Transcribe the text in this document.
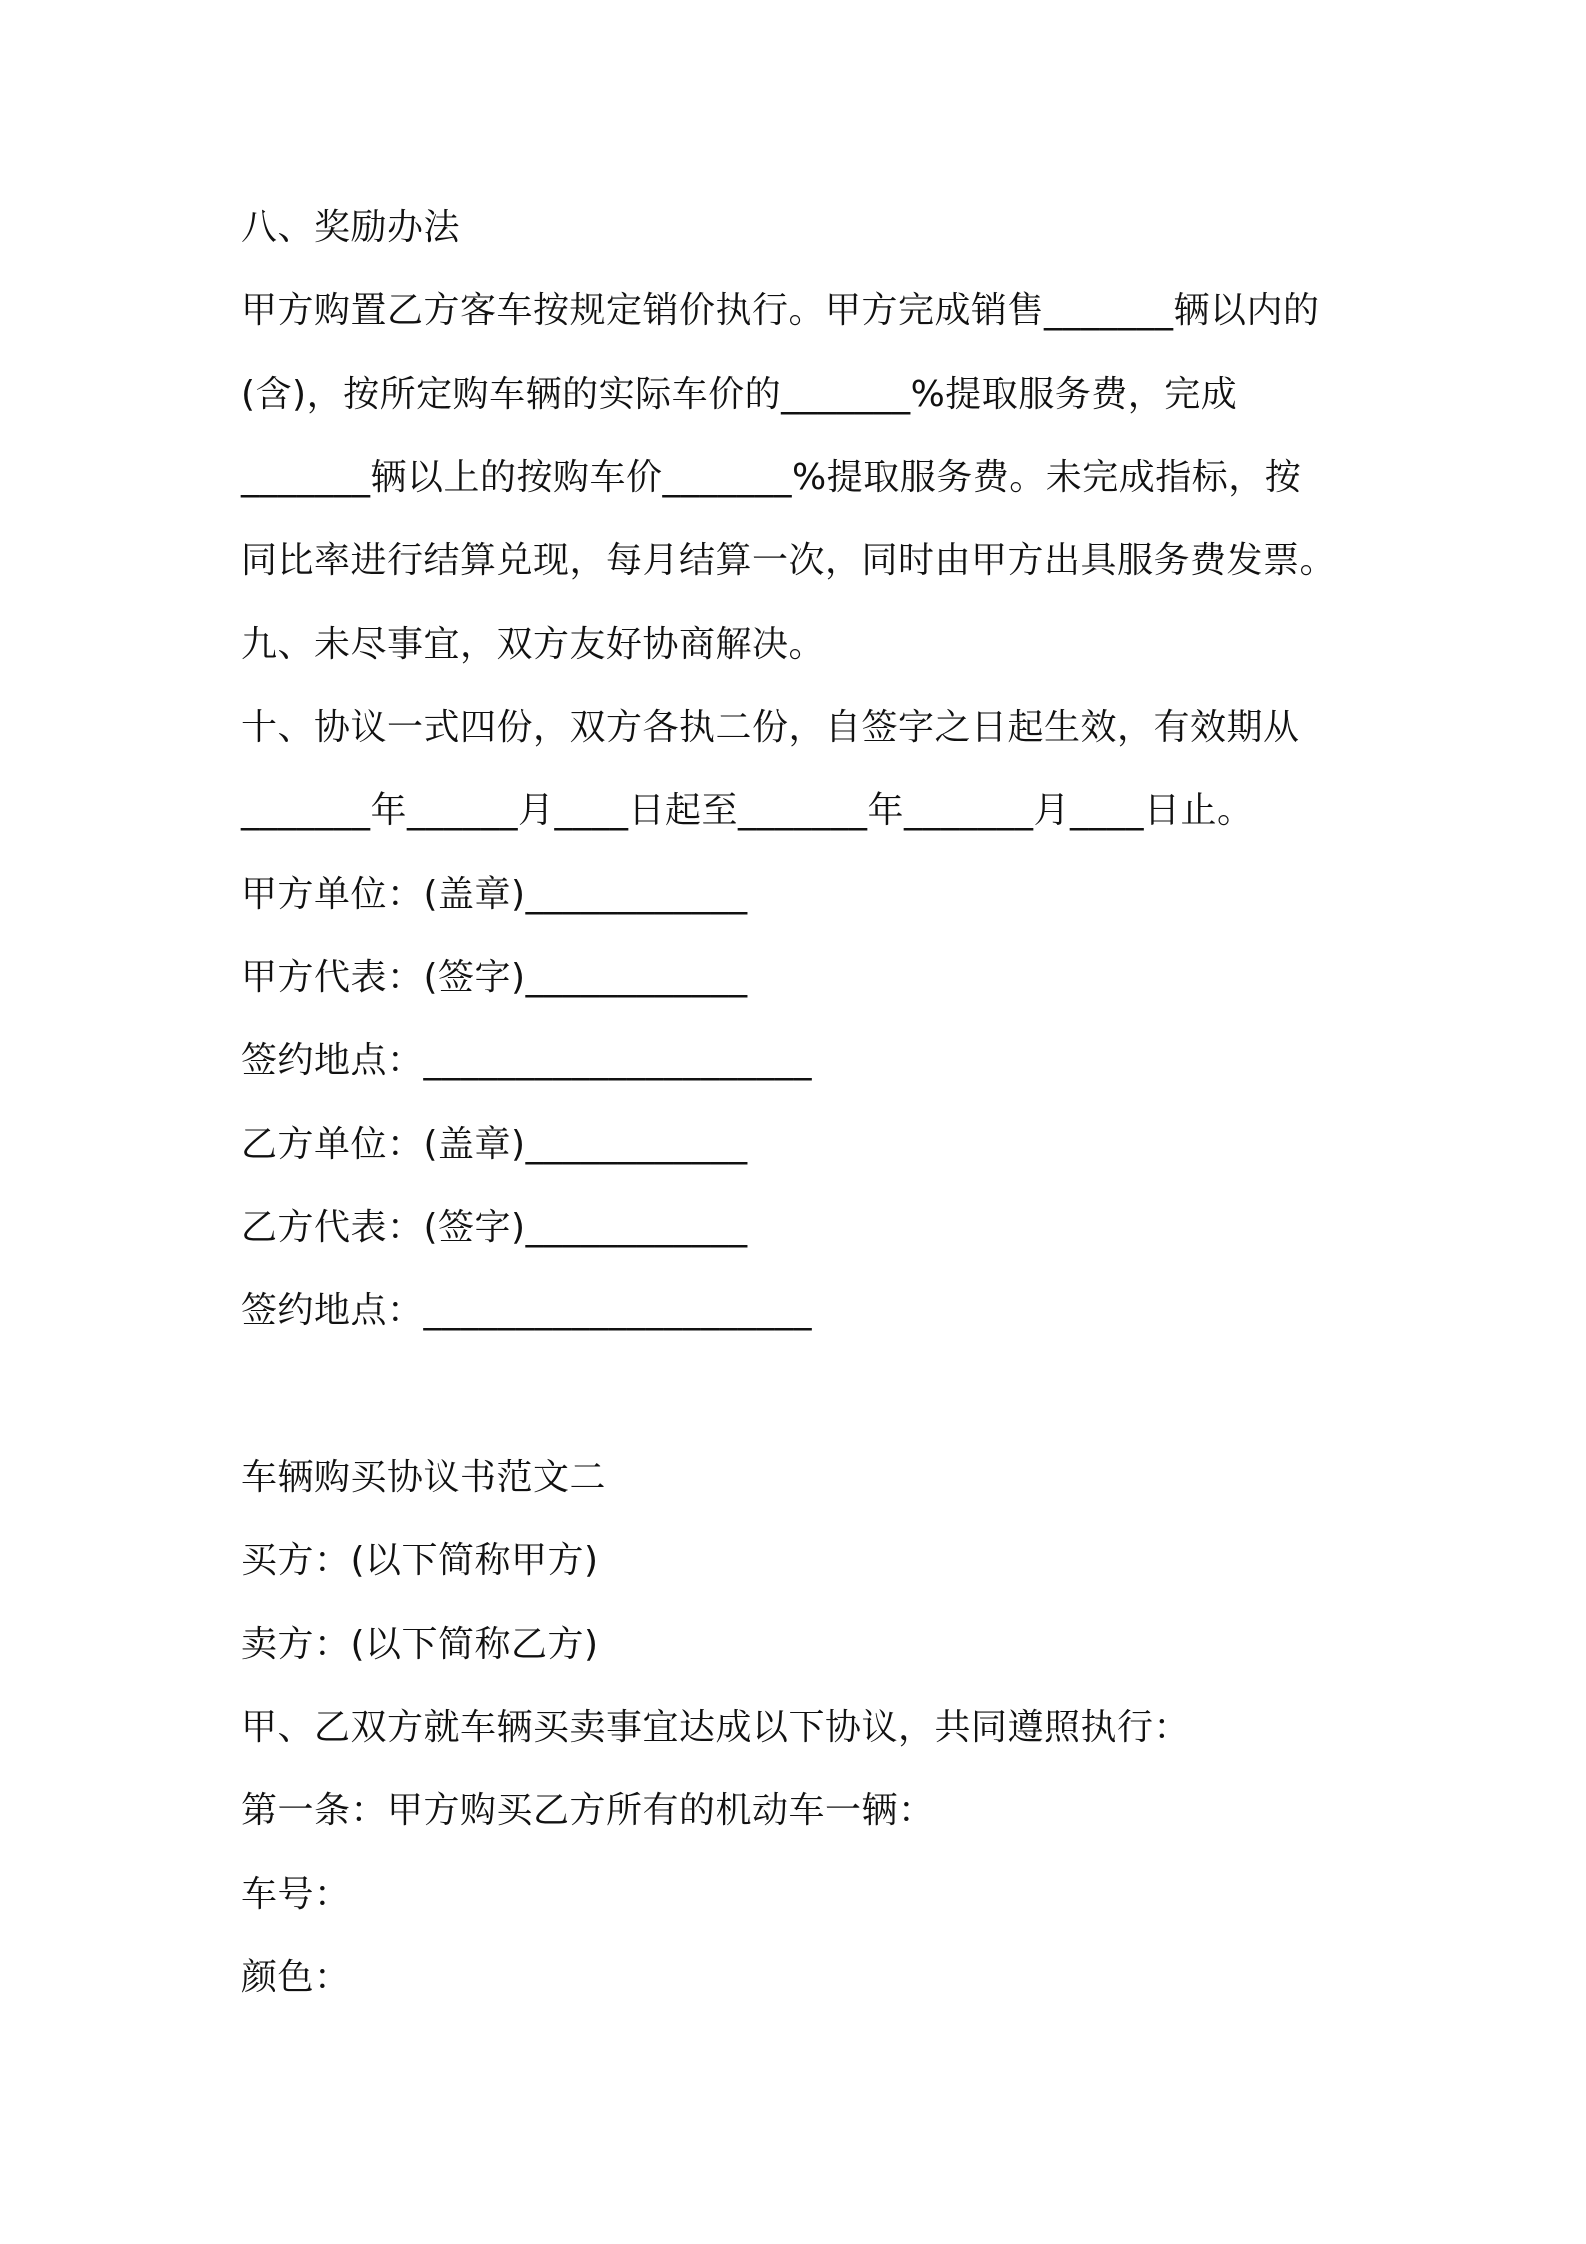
八、奖励办法
甲方购置乙方客车按规定销价执行。甲方完成销售_______辆以内的
(含)，按所定购车辆的实际车价的_______%提取服务费，完成
_______辆以上的按购车价_______%提取服务费。未完成指标，按
同比率进行结算兑现，每月结算一次，同时由甲方出具服务费发票。
九、未尽事宜，双方友好协商解决。
十、协议一式四份，双方各执二份，自签字之日起生效，有效期从
_______年______月____日起至_______年_______月____日止。
甲方单位：(盖章)____________
甲方代表：(签字)____________
签约地点：_____________________
乙方单位：(盖章)____________
乙方代表：(签字)____________
签约地点：_____________________
车辆购买协议书范文二
买方：(以下简称甲方)
卖方：(以下简称乙方)
甲、乙双方就车辆买卖事宜达成以下协议，共同遵照执行：
第一条：甲方购买乙方所有的机动车一辆：
车号：
颜色：
